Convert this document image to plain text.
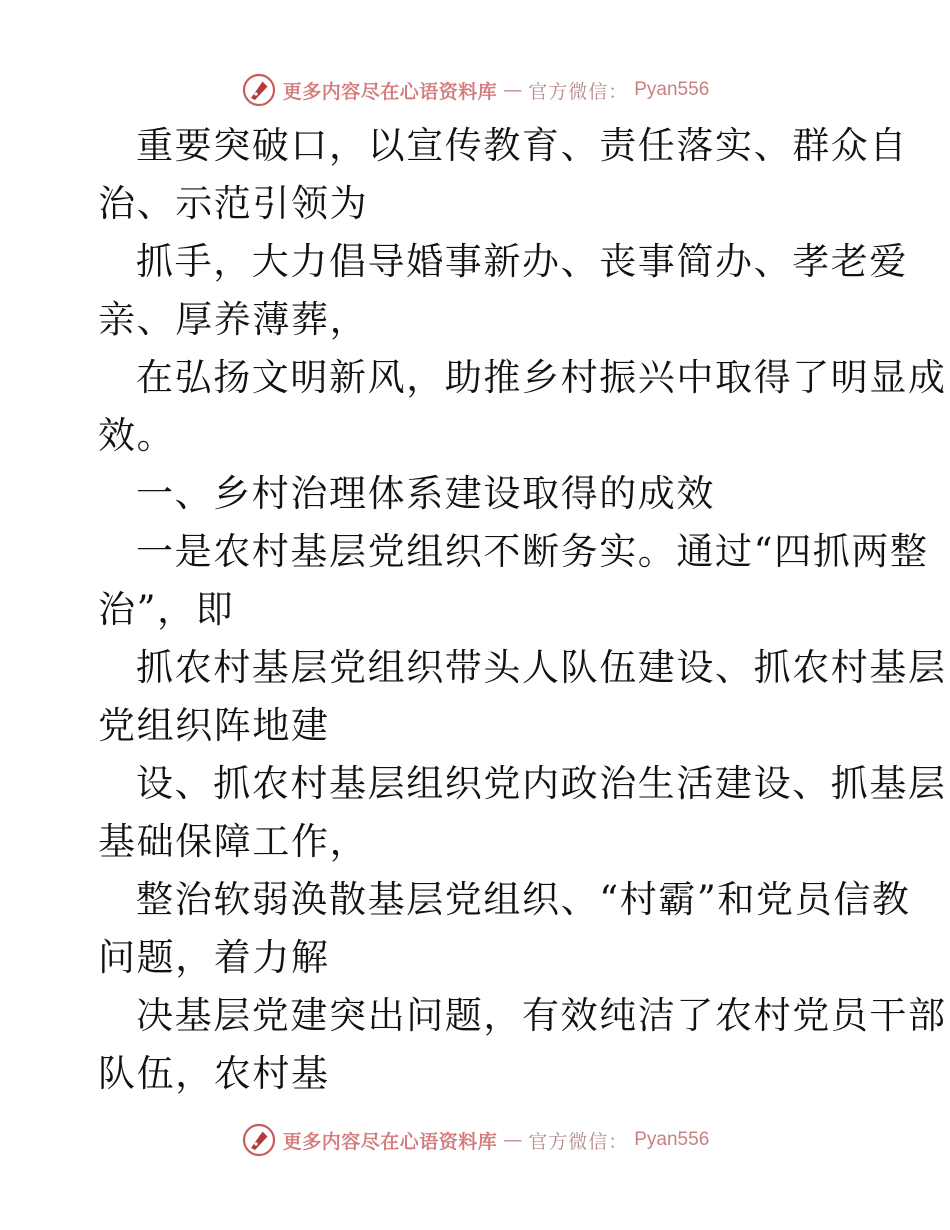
更多内容尽在心语资料库 — 官方微信： Pyan556
重要突破口，以宣传教育、责任落实、群众自
治、示范引领为
抓手，大力倡导婚事新办、丧事简办、孝老爱
亲、厚养薄葬，
在弘扬文明新风，助推乡村振兴中取得了明显成
效。
一、乡村治理体系建设取得的成效
一是农村基层党组织不断务实。通过“四抓两整
治”，即
抓农村基层党组织带头人队伍建设、抓农村基层
党组织阵地建
设、抓农村基层组织党内政治生活建设、抓基层
基础保障工作，
整治软弱涣散基层党组织、“村霸”和党员信教
问题，着力解
决基层党建突出问题，有效纯洁了农村党员干部
队伍，农村基
更多内容尽在心语资料库 — 官方微信： Pyan556
